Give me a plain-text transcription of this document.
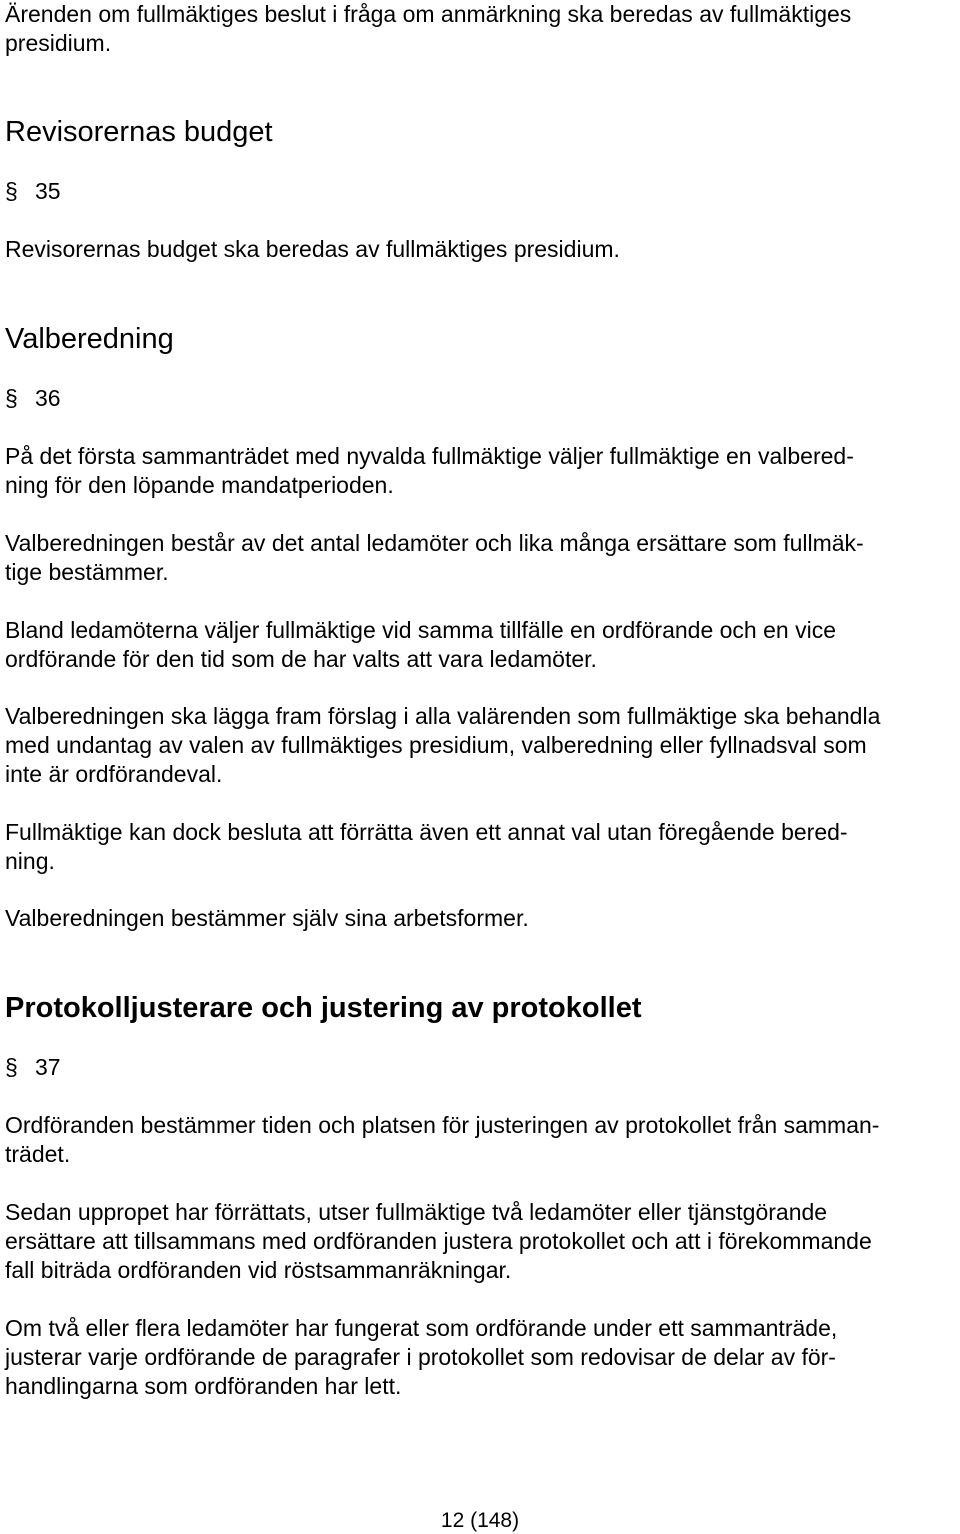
Ärenden om fullmäktiges beslut i fråga om anmärkning ska beredas av fullmäktiges
presidium.
Revisorernas budget
§ 35
Revisorernas budget ska beredas av fullmäktiges presidium.
Valberedning
§ 36
På det första sammanträdet med nyvalda fullmäktige väljer fullmäktige en valbered-
ning för den löpande mandatperioden.
Valberedningen består av det antal ledamöter och lika många ersättare som fullmäk-
tige bestämmer.
Bland ledamöterna väljer fullmäktige vid samma tillfälle en ordförande och en vice
ordförande för den tid som de har valts att vara ledamöter.
Valberedningen ska lägga fram förslag i alla valärenden som fullmäktige ska behandla
med undantag av valen av fullmäktiges presidium, valberedning eller fyllnadsval som
inte är ordförandeval.
Fullmäktige kan dock besluta att förrätta även ett annat val utan föregående bered-
ning.
Valberedningen bestämmer själv sina arbetsformer.
Protokolljusterare och justering av protokollet
§ 37
Ordföranden bestämmer tiden och platsen för justeringen av protokollet från samman-
trädet.
Sedan uppropet har förrättats, utser fullmäktige två ledamöter eller tjänstgörande
ersättare att tillsammans med ordföranden justera protokollet och att i förekommande
fall biträda ordföranden vid röstsammanräkningar.
Om två eller flera ledamöter har fungerat som ordförande under ett sammanträde,
justerar varje ordförande de paragrafer i protokollet som redovisar de delar av för-
handlingarna som ordföranden har lett.
12 (148)
